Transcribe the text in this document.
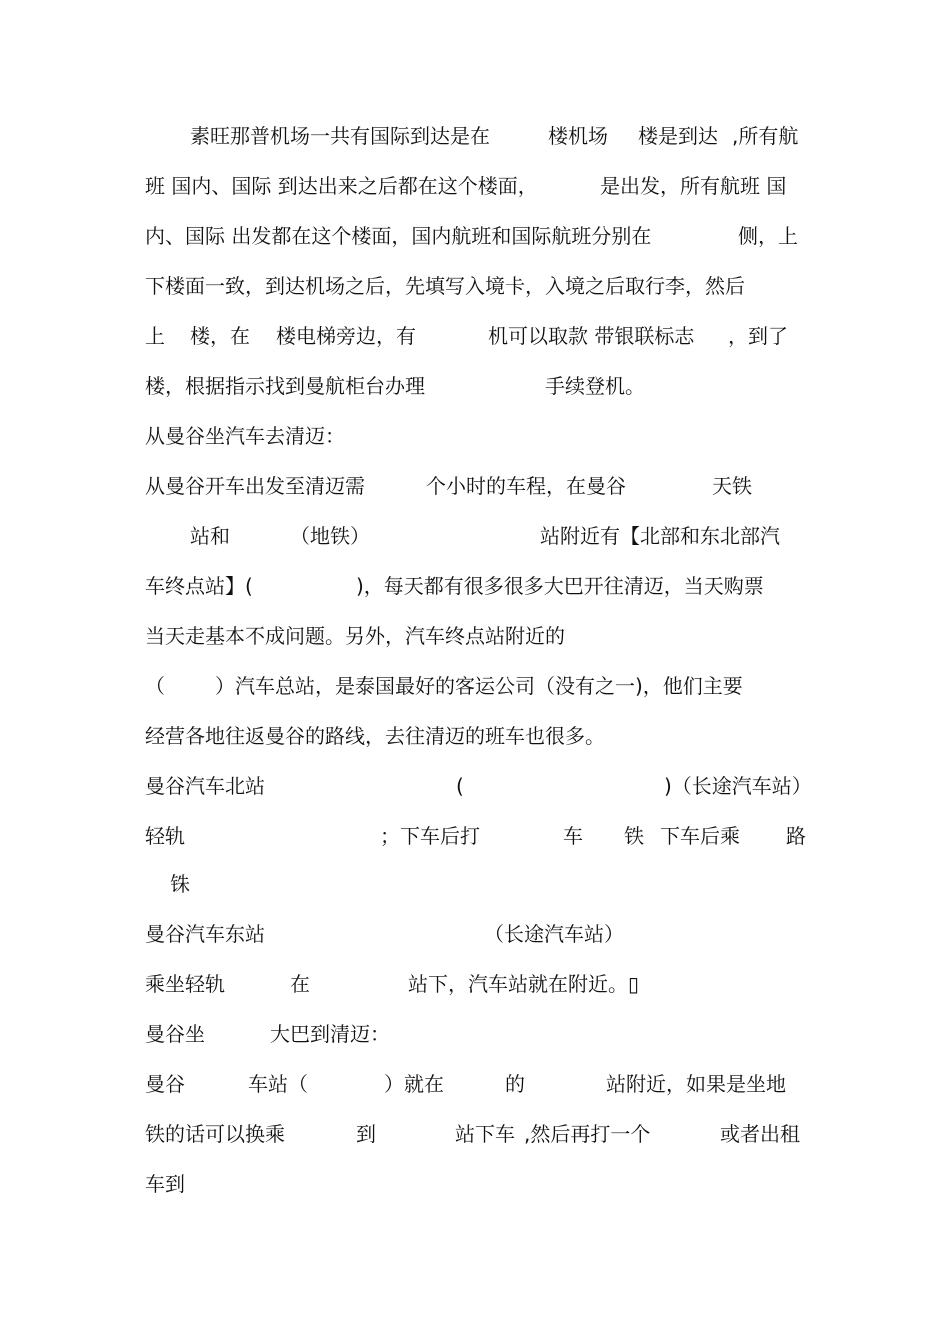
素旺那普机场一共有国际到达是在	楼机场 楼是到达 ,所有航
班 国内、国际 到达出来之后都在这个楼面，	是出发，所有航班 国
内、国际 出发都在这个楼面，国内航班和国际航班分别在	侧，上
下楼面一致，到达机场之后，先填写入境卡，入境之后取行李，然后
上 楼，在 楼电梯旁边，有	机可以取款 带银联标志 ，到了
楼，根据指示找到曼航柜台办理	手续登机。
从曼谷坐汽车去清迈：
从曼谷开车出发至清迈需	个小时的车程，在曼谷	天铁
站和	（地铁）	站附近有【北部和东北部汽
车终点站】(	)，每天都有很多很多大巴开往清迈，当天购票
当天走基本不成问题。另外，汽车终点站附近的
（	）汽车总站，是泰国最好的客运公司（没有之一)，他们主要
经营各地往返曼谷的路线，去往清迈的班车也很多。
曼谷汽车北站	(	)（长途汽车站）
轻轨	；下车后打	车 铁 下车后乘 路
铢
曼谷汽车东站	（长途汽车站）
乘坐轻轨	在	站下，汽车站就在附近。▯
曼谷坐	大巴到清迈：
曼谷	车站（	）就在	的	站附近，如果是坐地
铁的话可以换乘	到	站下车 ,然后再打一个	或者出租
车到
